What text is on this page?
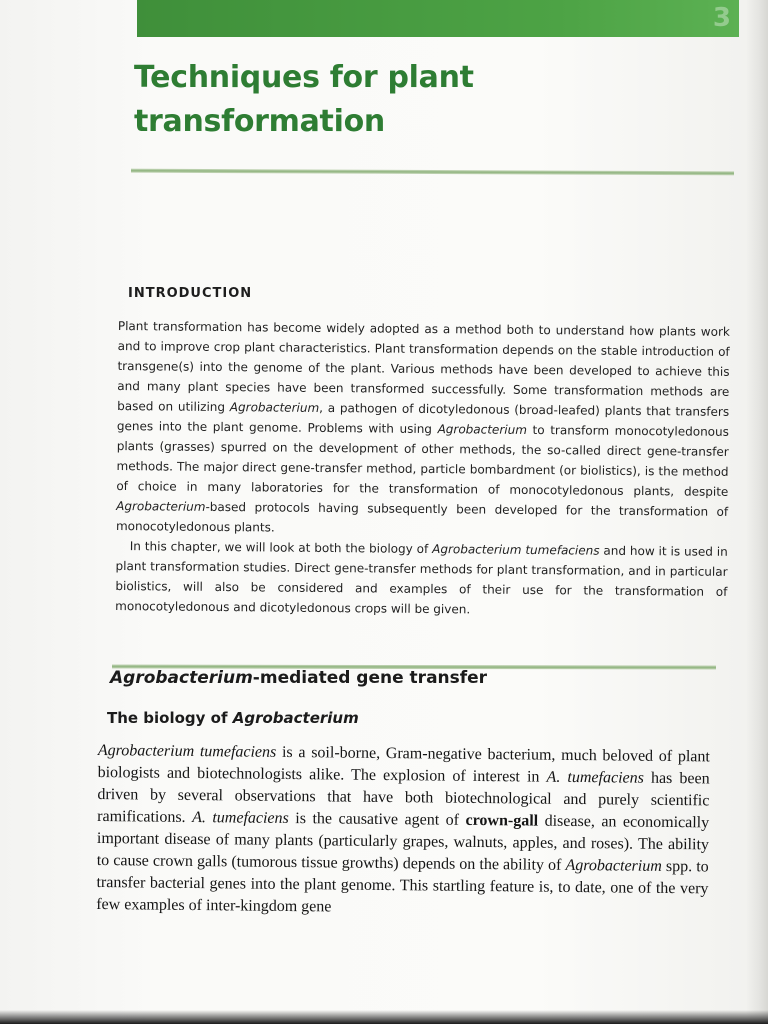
3
Techniques for plant
transformation
INTRODUCTION

Plant transformation has become widely adopted as a method both to understand how plants work and to improve crop plant characteristics. Plant transformation depends on the stable introduction of transgene(s) into the genome of the plant. Various methods have been developed to achieve this and many plant species have been transformed successfully. Some transformation methods are based on utilizing Agrobacterium, a pathogen of dicotyledonous (broad-leafed) plants that transfers genes into the plant genome. Problems with using Agrobacterium to transform monocotyledonous plants (grasses) spurred on the development of other methods, the so-called direct gene-transfer methods. The major direct gene-transfer method, particle bombardment (or biolistics), is the method of choice in many laboratories for the transformation of monocotyledonous plants, despite Agrobacterium-based protocols having subsequently been developed for the transformation of monocotyledonous plants.

In this chapter, we will look at both the biology of Agrobacterium tumefaciens and how it is used in plant transformation studies. Direct gene-transfer methods for plant transformation, and in particular biolistics, will also be considered and examples of their use for the transformation of monocotyledonous and dicotyledonous crops will be given.

Agrobacterium-mediated gene transfer
The biology of Agrobacterium

Agrobacterium tumefaciens is a soil-borne, Gram-negative bacterium, much beloved of plant biologists and biotechnologists alike. The explosion of interest in A. tumefaciens has been driven by several observations that have both biotechnological and purely scientific ramifications. A. tumefaciens is the causative agent of crown-gall disease, an economically important disease of many plants (particularly grapes, walnuts, apples, and roses). The ability to cause crown galls (tumorous tissue growths) depends on the ability of Agrobacterium spp. to transfer bacterial genes into the plant genome. This startling feature is, to date, one of the very few examples of inter-kingdom gene
